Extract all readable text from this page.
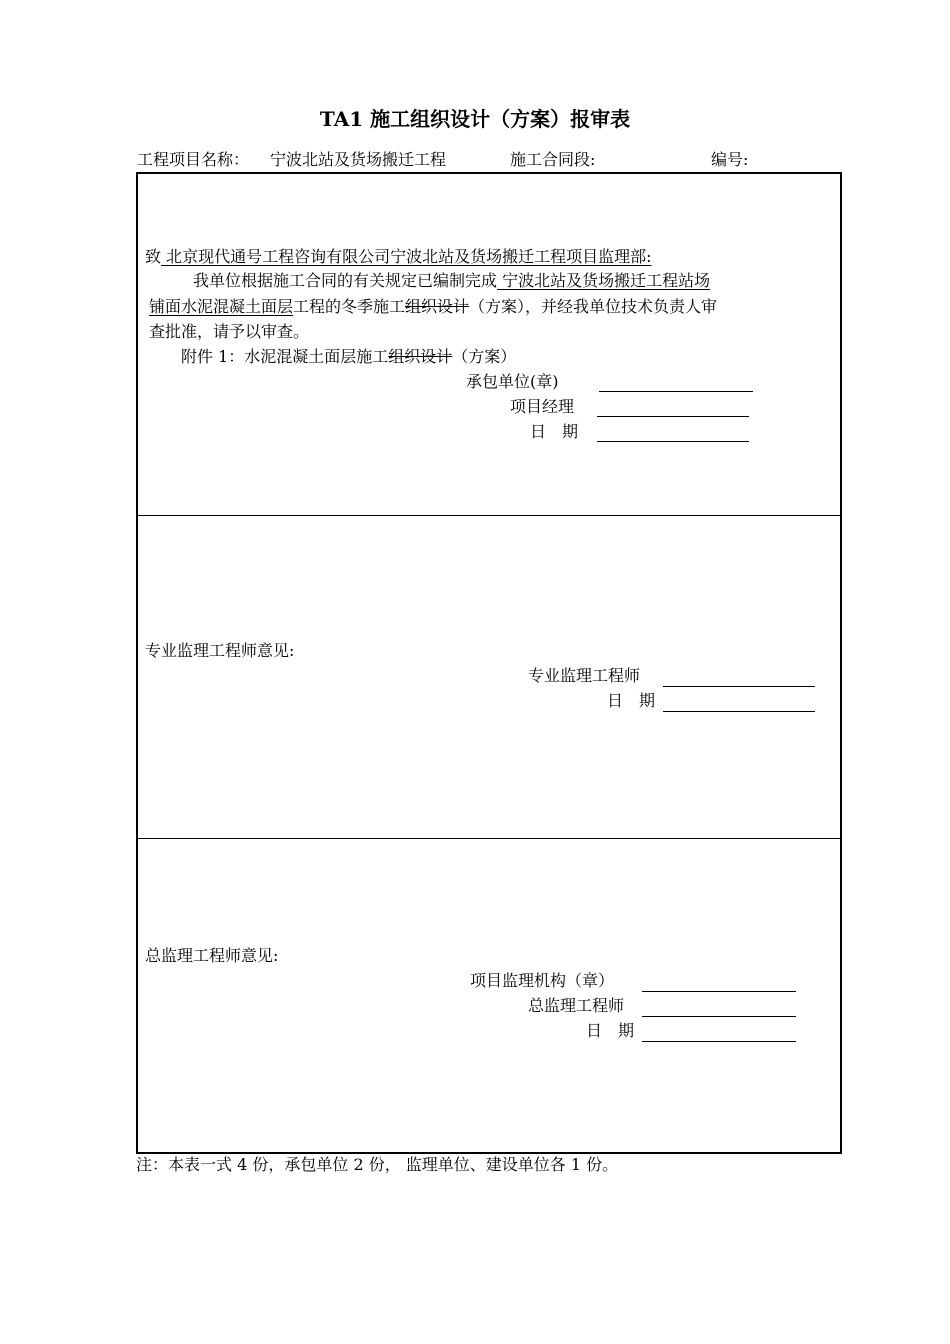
TA1 施工组织设计（方案）报审表
工程项目名称： 宁波北站及货场搬迁工程	施工合同段:	编号:
致 北京现代通号工程咨询有限公司宁波北站及货场搬迁工程项目监理部:
我单位根据施工合同的有关规定已编制完成 宁波北站及货场搬迁工程站场
铺面水泥混凝土面层工程的冬季施工组织设计（方案），并经我单位技术负责人审
查批准，请予以审查。
附件 1：水泥混凝土面层施工组织设计（方案）
承包单位(章)
项目经理
日　期
专业监理工程师意见:
专业监理工程师
日　期
总监理工程师意见:
项目监理机构（章）
总监理工程师
日　期
注：本表一式 4 份，承包单位 2 份， 监理单位、建设单位各 1 份。
